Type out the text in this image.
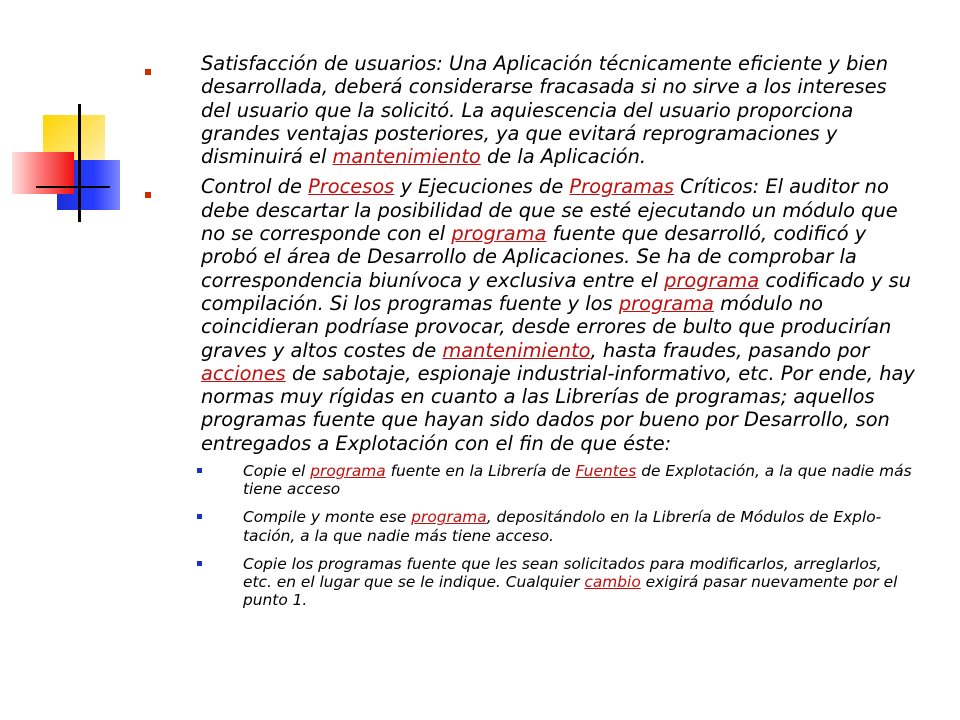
Satisfacción de usuarios: Una Aplicación técnicamente eficiente y bien desarrollada, deberá considerarse fracasada si no sirve a los intereses del usuario que la solicitó. La aquiescencia del usuario proporciona grandes ventajas posteriores, ya que evitará reprogramaciones y disminuirá el mantenimiento de la Aplicación.
Control de Procesos y Ejecuciones de Programas Críticos: El auditor no debe descartar la posibilidad de que se esté ejecutando un módulo que no se corresponde con el programa fuente que desarrolló, codificó y probó el área de Desarrollo de Aplicaciones. Se ha de comprobar la correspondencia biunívoca y exclusiva entre el programa codificado y su compilación. Si los programas fuente y los programa módulo no coincidieran podríase provocar, desde errores de bulto que producirían graves y altos costes de mantenimiento, hasta fraudes, pasando por acciones de sabotaje, espionaje industrial-informativo, etc. Por ende, hay normas muy rígidas en cuanto a las Librerías de programas; aquellos programas fuente que hayan sido dados por bueno por Desarrollo, son entregados a Explotación con el fin de que éste:
Copie el programa fuente en la Librería de Fuentes de Explotación, a la que nadie más tiene acceso
Compile y monte ese programa, depositándolo en la Librería de Módulos de Explo-tación, a la que nadie más tiene acceso.
Copie los programas fuente que les sean solicitados para modificarlos, arreglarlos, etc. en el lugar que se le indique. Cualquier cambio exigirá pasar nuevamente por el punto 1.
